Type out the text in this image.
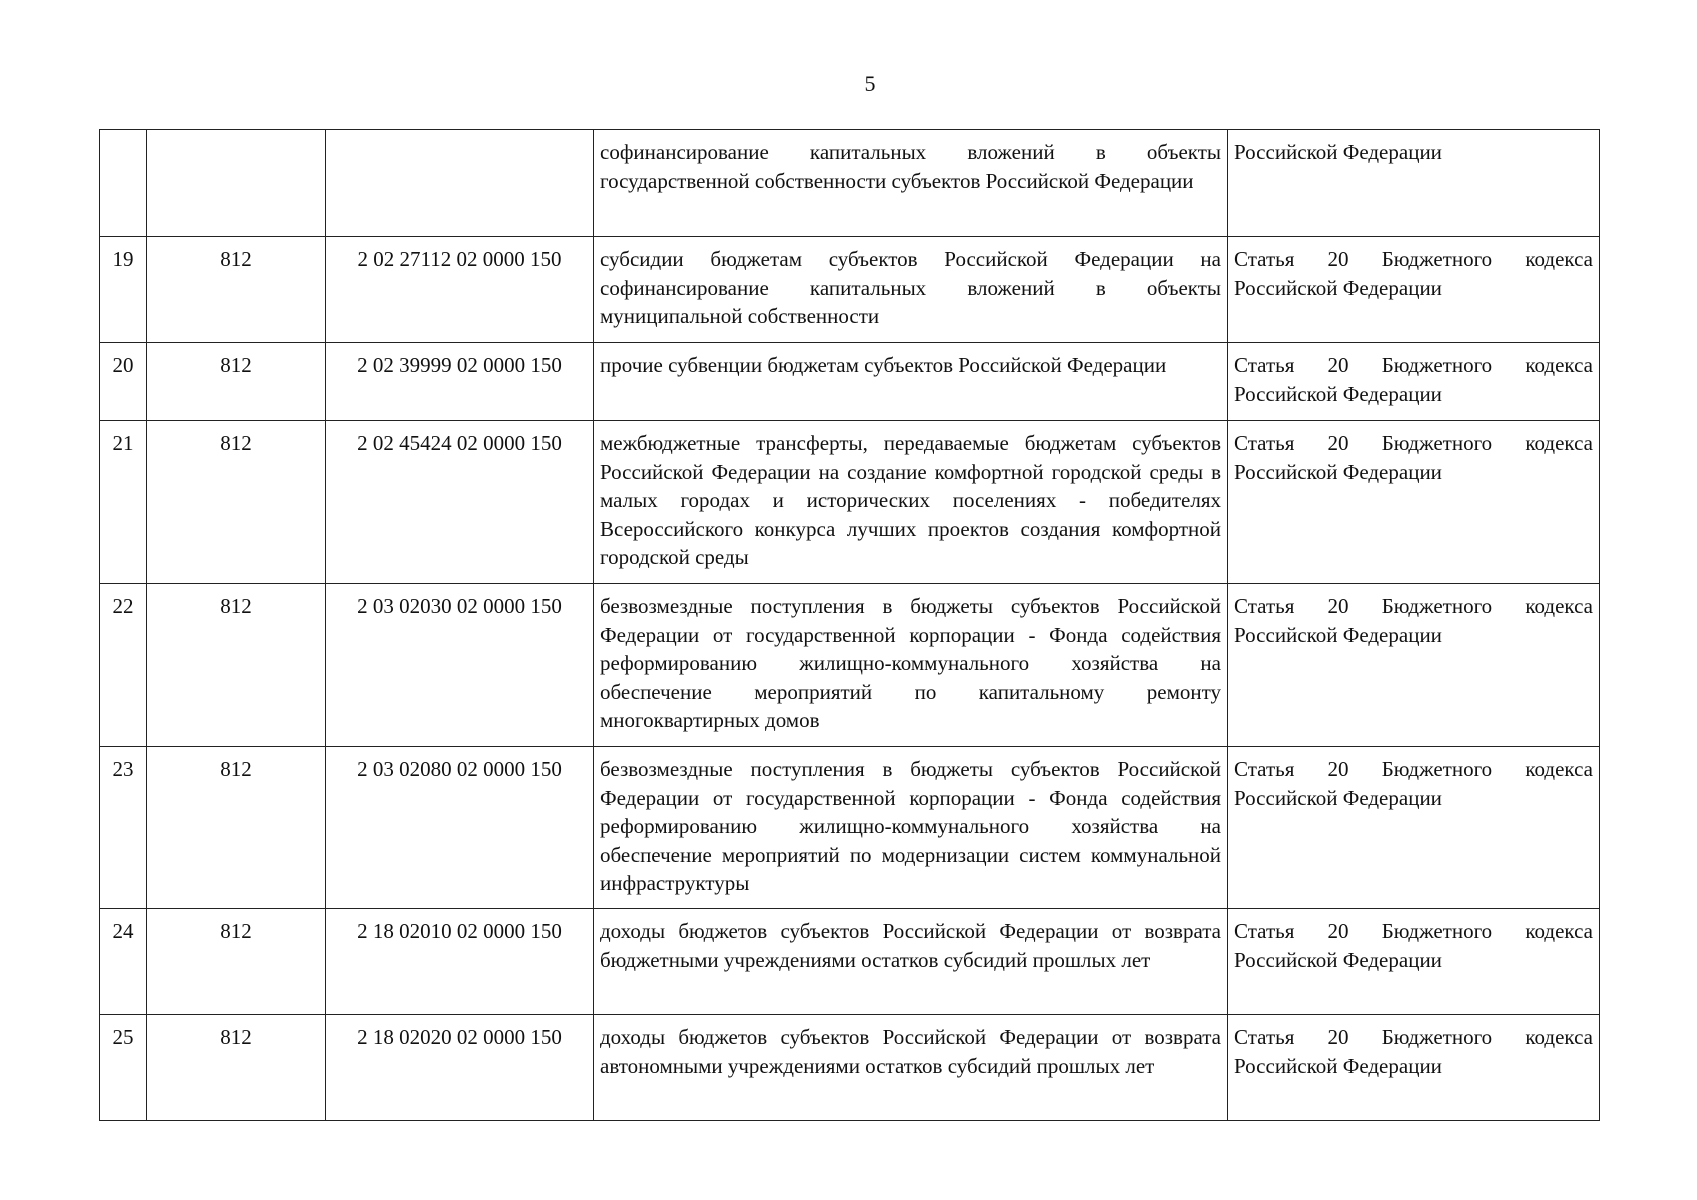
5
			софинансирование капитальных вложений в объекты государственной собственности субъектов Российской Федерации	Российской Федерации
19	812	2 02 27112 02 0000 150	субсидии бюджетам субъектов Российской Федерации на софинансирование капитальных вложений в объекты муниципальной собственности	Статья 20 Бюджетного кодекса Российской Федерации
20	812	2 02 39999 02 0000 150	прочие субвенции бюджетам субъектов Российской Федерации	Статья 20 Бюджетного кодекса Российской Федерации
21	812	2 02 45424 02 0000 150	межбюджетные трансферты, передаваемые бюджетам субъектов Российской Федерации на создание комфортной городской среды в малых городах и исторических поселениях - победителях Всероссийского конкурса лучших проектов создания комфортной городской среды	Статья 20 Бюджетного кодекса Российской Федерации
22	812	2 03 02030 02 0000 150	безвозмездные поступления в бюджеты субъектов Российской Федерации от государственной корпорации - Фонда содействия реформированию жилищно-коммунального хозяйства на обеспечение мероприятий по капитальному ремонту многоквартирных домов	Статья 20 Бюджетного кодекса Российской Федерации
23	812	2 03 02080 02 0000 150	безвозмездные поступления в бюджеты субъектов Российской Федерации от государственной корпорации - Фонда содействия реформированию жилищно-коммунального хозяйства на обеспечение мероприятий по модернизации систем коммунальной инфраструктуры	Статья 20 Бюджетного кодекса Российской Федерации
24	812	2 18 02010 02 0000 150	доходы бюджетов субъектов Российской Федерации от возврата бюджетными учреждениями остатков субсидий прошлых лет	Статья 20 Бюджетного кодекса Российской Федерации
25	812	2 18 02020 02 0000 150	доходы бюджетов субъектов Российской Федерации от возврата автономными учреждениями остатков субсидий прошлых лет	Статья 20 Бюджетного кодекса Российской Федерации
